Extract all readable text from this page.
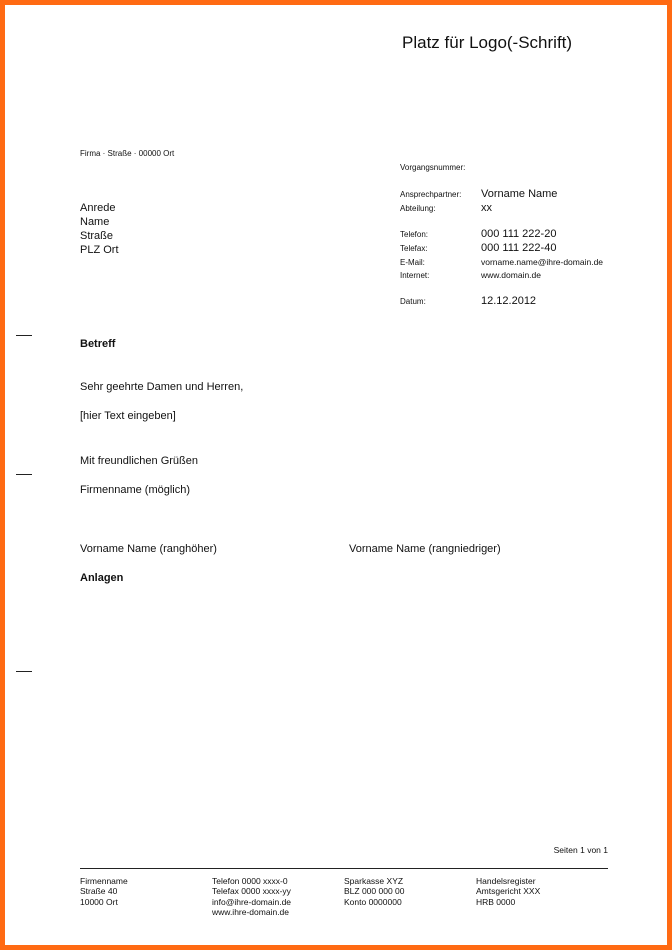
Platz für Logo(-Schrift)
Firma · Straße · 00000 Ort
Anrede
Name
Straße
PLZ Ort
Vorgangsnummer:
Ansprechpartner: Vorname Name
Abteilung:	xx
Telefon:	000 111 222-20
Telefax:	000 111 222-40
E-Mail:	vorname.name@ihre-domain.de
Internet:	www.domain.de
Datum:	12.12.2012
Betreff
Sehr geehrte Damen und Herren,
[hier Text eingeben]
Mit freundlichen Grüßen
Firmenname (möglich)
Vorname Name (ranghöher)	Vorname Name (rangniedriger)
Anlagen
Seiten 1 von 1
Firmenname
Straße 40
10000 Ort
Telefon 0000 xxxx-0
Telefax 0000 xxxx-yy
info@ihre-domain.de
www.ihre-domain.de
Sparkasse XYZ
BLZ 000 000 00
Konto 0000000
Handelsregister
Amtsgericht XXX
HRB 0000
